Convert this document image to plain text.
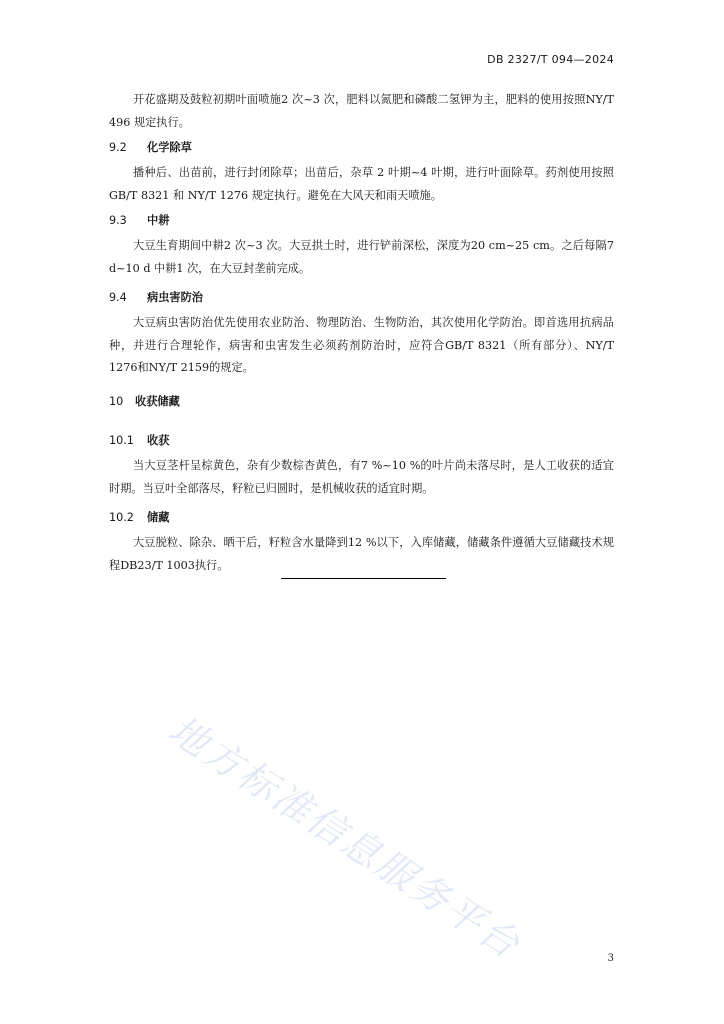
DB 2327/T 094—2024

开花盛期及鼓粒初期叶面喷施2 次~3 次，肥料以氮肥和磷酸二氢钾为主，肥料的使用按照NY/T 496 规定执行。

9.2 化学除草

播种后、出苗前，进行封闭除草；出苗后，杂草 2 叶期~4 叶期，进行叶面除草。药剂使用按照 GB/T 8321 和 NY/T 1276 规定执行。避免在大风天和雨天喷施。

9.3 中耕

大豆生育期间中耕2 次~3 次。大豆拱土时，进行铲前深松，深度为20 cm~25 cm。之后每隔7 d~10 d 中耕1 次，在大豆封垄前完成。

9.4 病虫害防治

大豆病虫害防治优先使用农业防治、物理防治、生物防治，其次使用化学防治。即首选用抗病品种，并进行合理轮作，病害和虫害发生必须药剂防治时，应符合GB/T 8321（所有部分）、NY/T 1276和NY/T 2159的规定。

10 收获储藏
10.1 收获

当大豆茎杆呈棕黄色，杂有少数棕杏黄色，有7 %~10 %的叶片尚未落尽时，是人工收获的适宜时期。当豆叶全部落尽，籽粒已归圆时，是机械收获的适宜时期。

10.2 储藏

大豆脱粒、除杂、晒干后，籽粒含水量降到12 %以下，入库储藏，储藏条件遵循大豆储藏技术规程DB23/T 1003执行。

地方标准信息服务平台	3
